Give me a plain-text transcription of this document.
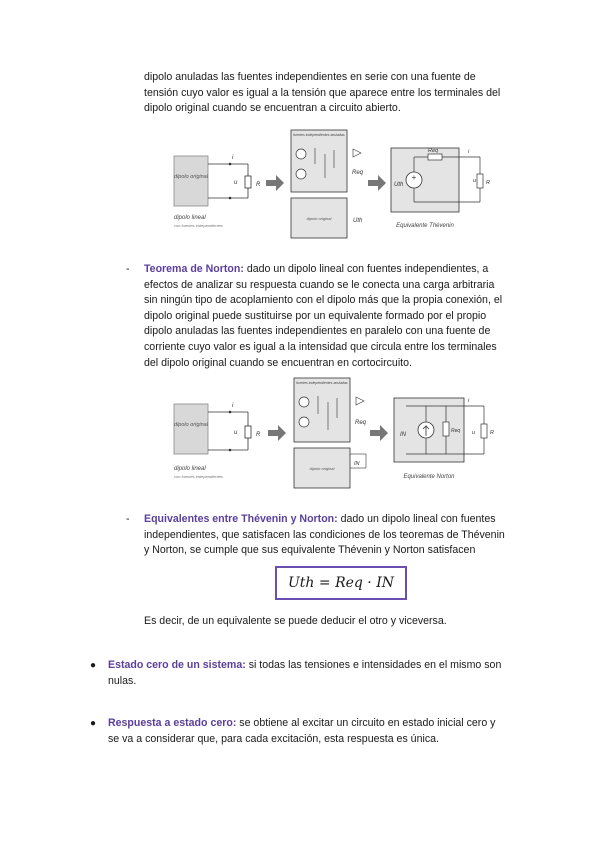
dipolo anuladas las fuentes independientes en serie con una fuente de
tensión cuyo valor es igual a la tensión que aparece entre los terminales del
dipolo original cuando se encuentran a circuito abierto.
dipolo original
i
u	R
dipolo lineal
con fuentes independientes
fuentes independientes anuladas
Req
dipolo original	Uth
Req
+
Uth
i
u R
Equivalente Thévenin
- Teorema de Norton: dado un dipolo lineal con fuentes independientes, a
efectos de analizar su respuesta cuando se le conecta una carga arbitraria
sin ningún tipo de acoplamiento con el dipolo más que la propia conexión, el
dipolo original puede sustituirse por un equivalente formado por el propio
dipolo anuladas las fuentes independientes en paralelo con una fuente de
corriente cuyo valor es igual a la intensidad que circula entre los terminales
del dipolo original cuando se encuentran en cortocircuito.
dipolo original
i
u	R
dipolo lineal
con fuentes independientes
fuentes independientes anuladas
Req
dipolo original
IN
IN
Req
i
u	R
Equivalente Norton
- Equivalentes entre Thévenin y Norton: dado un dipolo lineal con fuentes
independientes, que satisfacen las condiciones de los teoremas de Thévenin
y Norton, se cumple que sus equivalente Thévenin y Norton satisfacen
Uth = Req · IN
Es decir, de un equivalente se puede deducir el otro y viceversa.
● Estado cero de un sistema: si todas las tensiones e intensidades en el mismo son
nulas.
● Respuesta a estado cero: se obtiene al excitar un circuito en estado inicial cero y
se va a considerar que, para cada excitación, esta respuesta es única.
